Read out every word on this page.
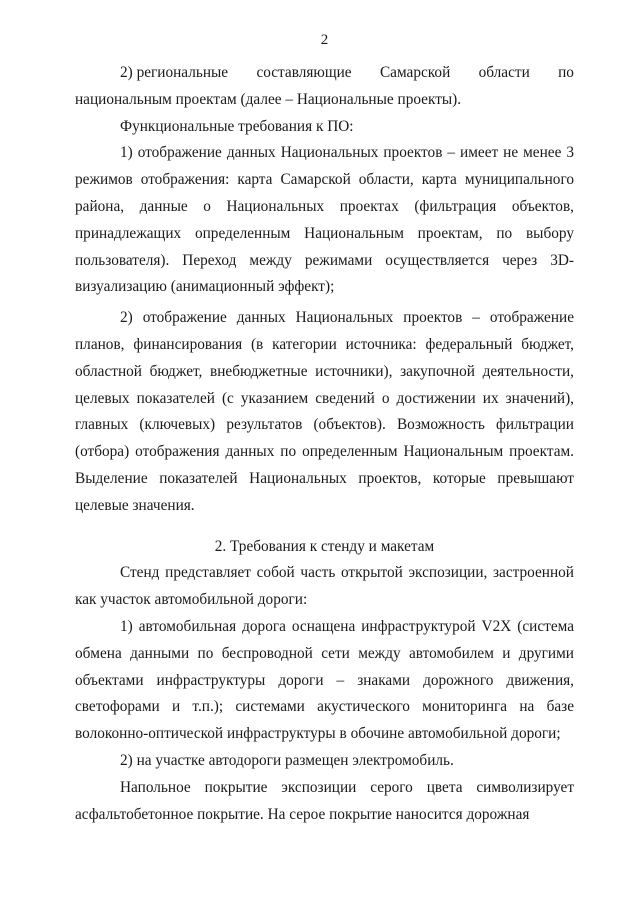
2
2) региональные составляющие Самарской области по

национальным проектам (далее – Национальные проекты).

Функциональные требования к ПО:

1) отображение данных Национальных проектов – имеет не менее 3 режимов отображения: карта Самарской области, карта муниципального района, данные о Национальных проектах (фильтрация объектов, принадлежащих определенным Национальным проектам, по выбору пользователя). Переход между режимами осуществляется через 3D-визуализацию (анимационный эффект);

2) отображение данных Национальных проектов – отображение планов, финансирования (в категории источника: федеральный бюджет, областной бюджет, внебюджетные источники), закупочной деятельности, целевых показателей (с указанием сведений о достижении их значений), главных (ключевых) результатов (объектов). Возможность фильтрации (отбора) отображения данных по определенным Национальным проектам. Выделение показателей Национальных проектов, которые превышают целевые значения.

2. Требования к стенду и макетам

Стенд представляет собой часть открытой экспозиции, застроенной как участок автомобильной дороги:

1) автомобильная дорога оснащена инфраструктурой V2X (система обмена данными по беспроводной сети между автомобилем и другими объектами инфраструктуры дороги – знаками дорожного движения, светофорами и т.п.); системами акустического мониторинга на базе волоконно-оптической инфраструктуры в обочине автомобильной дороги;

2) на участке автодороги размещен электромобиль.

Напольное покрытие экспозиции серого цвета символизирует асфальтобетонное покрытие. На серое покрытие наносится дорожная
